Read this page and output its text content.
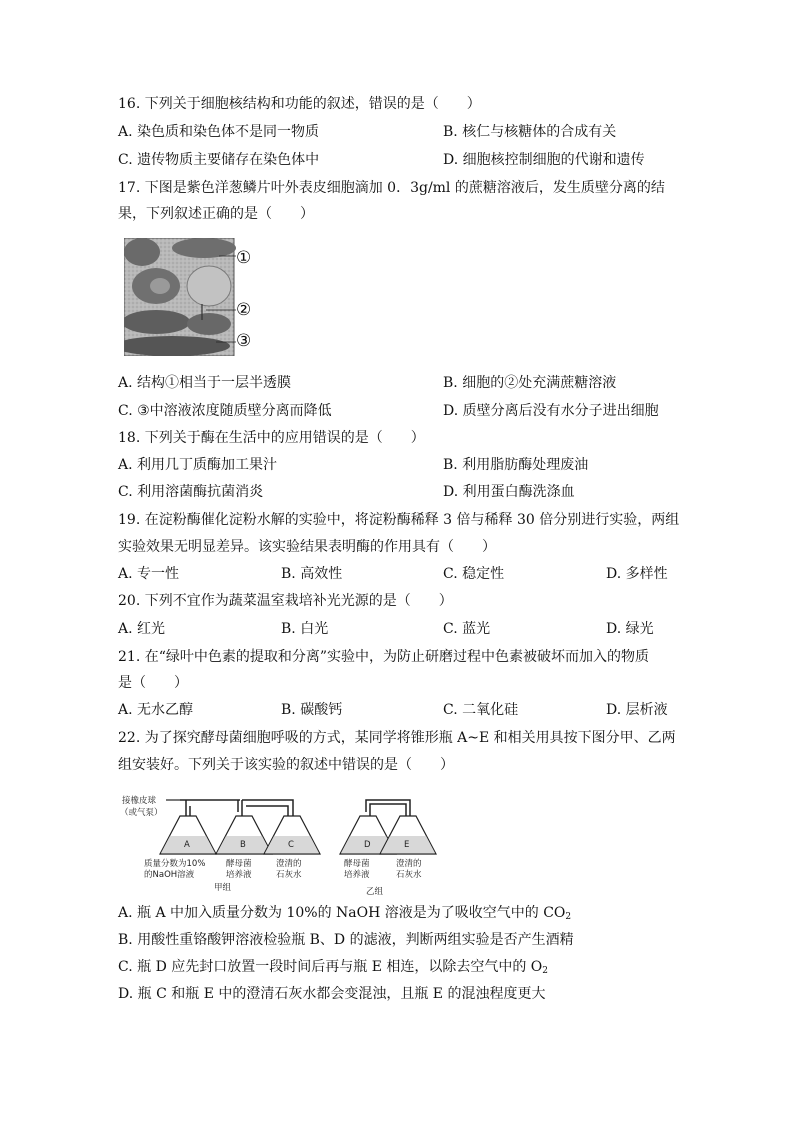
16. 下列关于细胞核结构和功能的叙述，错误的是（　　）
A. 染色质和染色体不是同一物质	B. 核仁与核糖体的合成有关
C. 遗传物质主要储存在染色体中	D. 细胞核控制细胞的代谢和遗传
17. 下图是紫色洋葱鳞片叶外表皮细胞滴加 0．3g/ml 的蔗糖溶液后，发生质壁分离的结
果，下列叙述正确的是（　　）
①
②
③
A. 结构①相当于一层半透膜	B. 细胞的②处充满蔗糖溶液
C. ③中溶液浓度随质壁分离而降低	D. 质壁分离后没有水分子进出细胞
18. 下列关于酶在生活中的应用错误的是（　　）
A. 利用几丁质酶加工果汁	B. 利用脂肪酶处理废油
C. 利用溶菌酶抗菌消炎	D. 利用蛋白酶洗涤血
19. 在淀粉酶催化淀粉水解的实验中，将淀粉酶稀释 3 倍与稀释 30 倍分别进行实验，两组
实验效果无明显差异。该实验结果表明酶的作用具有（　　）
A. 专一性	B. 高效性	C. 稳定性	D. 多样性
20. 下列不宜作为蔬菜温室栽培补光光源的是（　　）
A. 红光	B. 白光	C. 蓝光	D. 绿光
21. 在“绿叶中色素的提取和分离”实验中，为防止研磨过程中色素被破坏而加入的物质
是（　　）
A. 无水乙醇	B. 碳酸钙	C. 二氧化硅	D. 层析液
22. 为了探究酵母菌细胞呼吸的方式，某同学将锥形瓶 A~E 和相关用具按下图分甲、乙两
组安装好。下列关于该实验的叙述中错误的是（　　）
接橡皮球
（或气泵）
A	B	C	D	E
质量分数为10%
的NaOH溶液
酵母菌
培养液
澄清的
石灰水
酵母菌
培养液
澄清的
石灰水
甲组	乙组
A. 瓶 A 中加入质量分数为 10%的 NaOH 溶液是为了吸收空气中的 $CO_2$
B. 用酸性重铬酸钾溶液检验瓶 B、D 的滤液，判断两组实验是否产生酒精
C. 瓶 D 应先封口放置一段时间后再与瓶 E 相连，以除去空气中的 $O_2$
D. 瓶 C 和瓶 E 中的澄清石灰水都会变混浊，且瓶 E 的混浊程度更大
